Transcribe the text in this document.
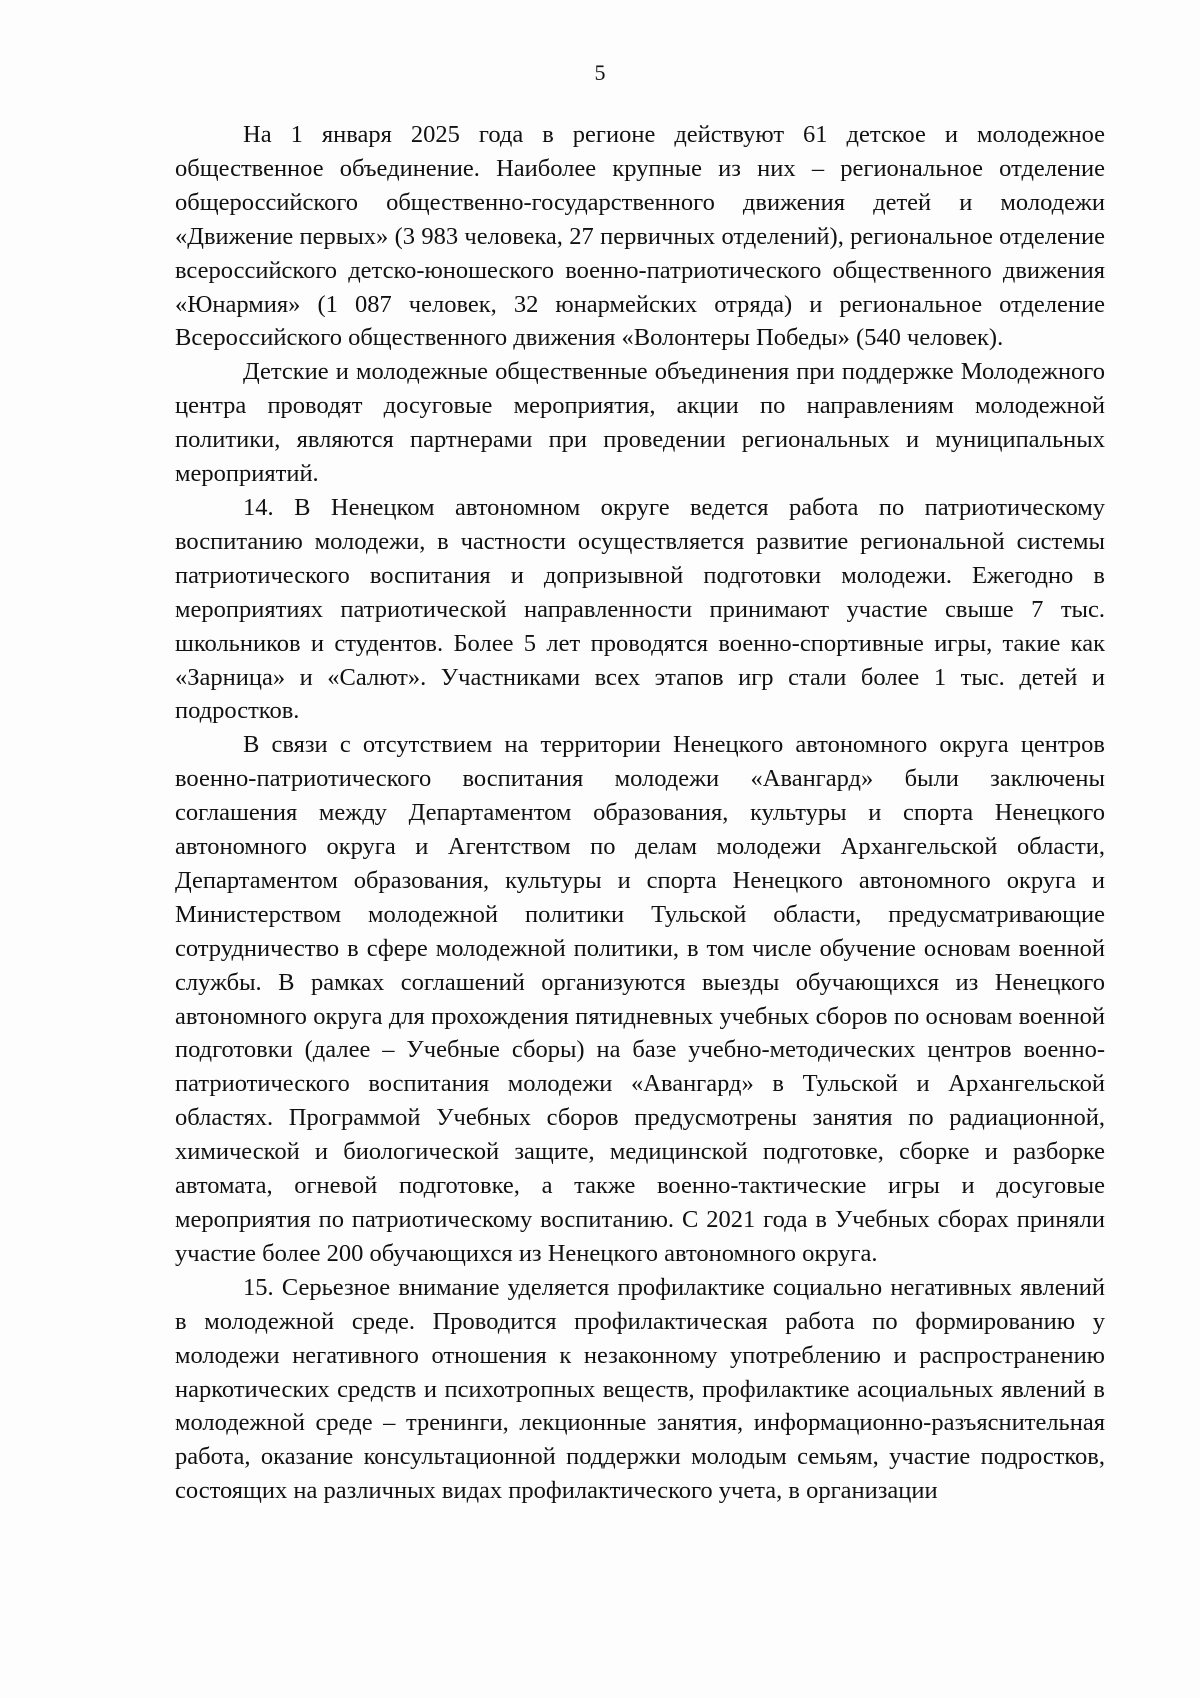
5

На 1 января 2025 года в регионе действуют 61 детское и молодежное общественное объединение. Наиболее крупные из них – региональное отделение общероссийского общественно-государственного движения детей и молодежи «Движение первых» (3 983 человека, 27 первичных отделений), региональное отделение всероссийского детско-юношеского военно-патриотического общественного движения «Юнармия» (1 087 человек, 32 юнармейских отряда) и региональное отделение Всероссийского общественного движения «Волонтеры Победы» (540 человек).

Детские и молодежные общественные объединения при поддержке Молодежного центра проводят досуговые мероприятия, акции по направлениям молодежной политики, являются партнерами при проведении региональных и муниципальных мероприятий.

14. В Ненецком автономном округе ведется работа по патриотическому воспитанию молодежи, в частности осуществляется развитие региональной системы патриотического воспитания и допризывной подготовки молодежи. Ежегодно в мероприятиях патриотической направленности принимают участие свыше 7 тыс. школьников и студентов. Более 5 лет проводятся военно-спортивные игры, такие как «Зарница» и «Салют». Участниками всех этапов игр стали более 1 тыс. детей и подростков.

В связи с отсутствием на территории Ненецкого автономного округа центров военно-патриотического воспитания молодежи «Авангард» были заключены соглашения между Департаментом образования, культуры и спорта Ненецкого автономного округа и Агентством по делам молодежи Архангельской области, Департаментом образования, культуры и спорта Ненецкого автономного округа и Министерством молодежной политики Тульской области, предусматривающие сотрудничество в сфере молодежной политики, в том числе обучение основам военной службы. В рамках соглашений организуются выезды обучающихся из Ненецкого автономного округа для прохождения пятидневных учебных сборов по основам военной подготовки (далее – Учебные сборы) на базе учебно-методических центров военно-патриотического воспитания молодежи «Авангард» в Тульской и Архангельской областях. Программой Учебных сборов предусмотрены занятия по радиационной, химической и биологической защите, медицинской подготовке, сборке и разборке автомата, огневой подготовке, а также военно-тактические игры и досуговые мероприятия по патриотическому воспитанию. С 2021 года в Учебных сборах приняли участие более 200 обучающихся из Ненецкого автономного округа.

15. Серьезное внимание уделяется профилактике социально негативных явлений в молодежной среде. Проводится профилактическая работа по формированию у молодежи негативного отношения к незаконному употреблению и распространению наркотических средств и психотропных веществ, профилактике асоциальных явлений в молодежной среде – тренинги, лекционные занятия, информационно-разъяснительная работа, оказание консультационной поддержки молодым семьям, участие подростков, состоящих на различных видах профилактического учета, в организации
